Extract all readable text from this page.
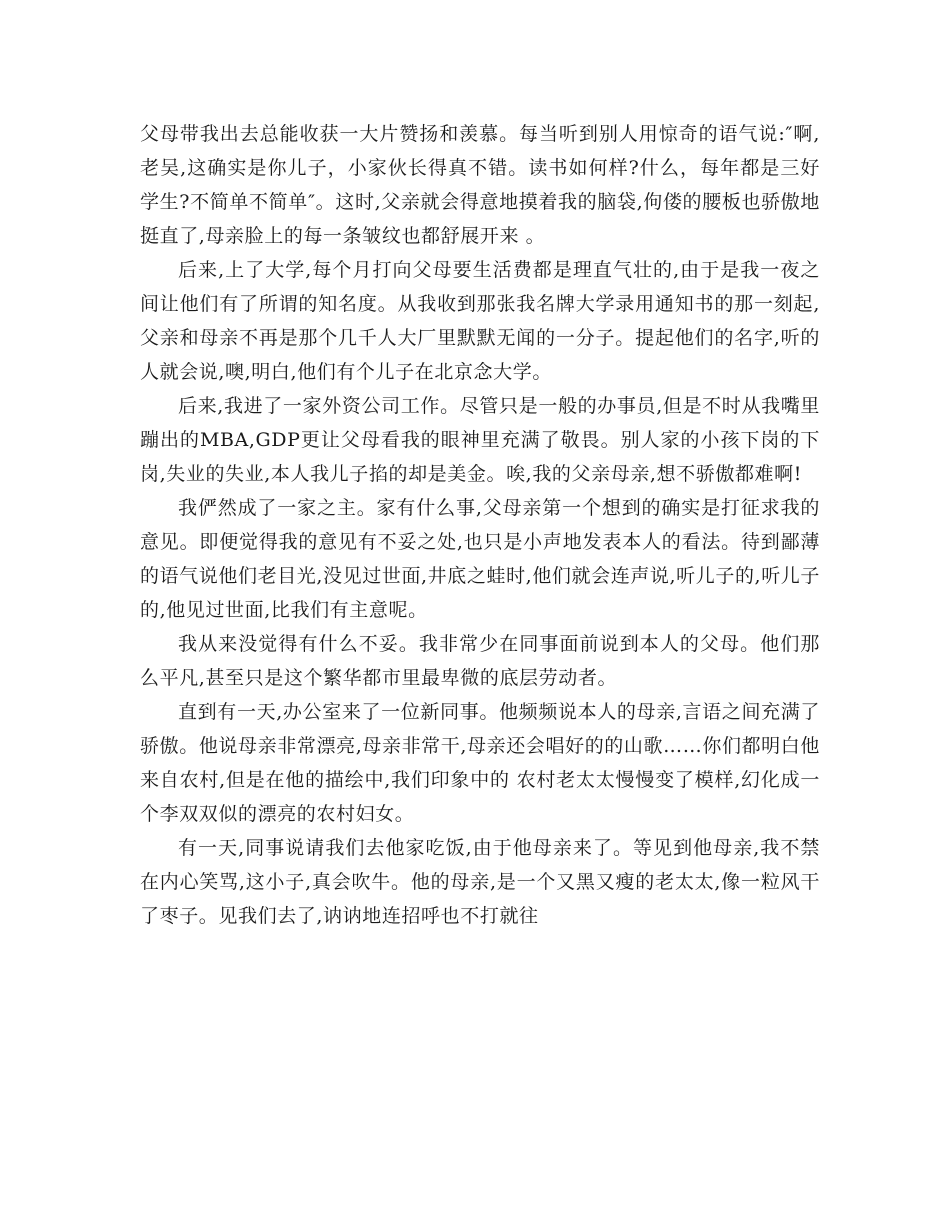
父母带我出去总能收获一大片赞扬和羡慕。每当听到别人用惊奇的语气说:″啊,老吴,这确实是你儿子，小家伙长得真不错。读书如何样?什么，每年都是三好学生?不简单不简单″。这时,父亲就会得意地摸着我的脑袋,佝偻的腰板也骄傲地挺直了,母亲脸上的每一条皱纹也都舒展开来 。

后来,上了大学,每个月打向父母要生活费都是理直气壮的,由于是我一夜之间让他们有了所谓的知名度。从我收到那张我名牌大学录用通知书的那一刻起,父亲和母亲不再是那个几千人大厂里默默无闻的一分子。提起他们的名字,听的人就会说,噢,明白,他们有个儿子在北京念大学。

后来,我进了一家外资公司工作。尽管只是一般的办事员,但是不时从我嘴里蹦出的MBA,GDP更让父母看我的眼神里充满了敬畏。别人家的小孩下岗的下岗,失业的失业,本人我儿子掐的却是美金。唉,我的父亲母亲,想不骄傲都难啊!

我俨然成了一家之主。家有什么事,父母亲第一个想到的确实是打征求我的意见。即便觉得我的意见有不妥之处,也只是小声地发表本人的看法。待到鄙薄的语气说他们老目光,没见过世面,井底之蛙时,他们就会连声说,听儿子的,听儿子的,他见过世面,比我们有主意呢。

我从来没觉得有什么不妥。我非常少在同事面前说到本人的父母。他们那么平凡,甚至只是这个繁华都市里最卑微的底层劳动者。

直到有一天,办公室来了一位新同事。他频频说本人的母亲,言语之间充满了骄傲。他说母亲非常漂亮,母亲非常干,母亲还会唱好的的山歌……你们都明白他来自农村,但是在他的描绘中,我们印象中的 农村老太太慢慢变了模样,幻化成一个李双双似的漂亮的农村妇女。

有一天,同事说请我们去他家吃饭,由于他母亲来了。等见到他母亲,我不禁在内心笑骂,这小子,真会吹牛。他的母亲,是一个又黑又瘦的老太太,像一粒风干了枣子。见我们去了,讷讷地连招呼也不打就往
